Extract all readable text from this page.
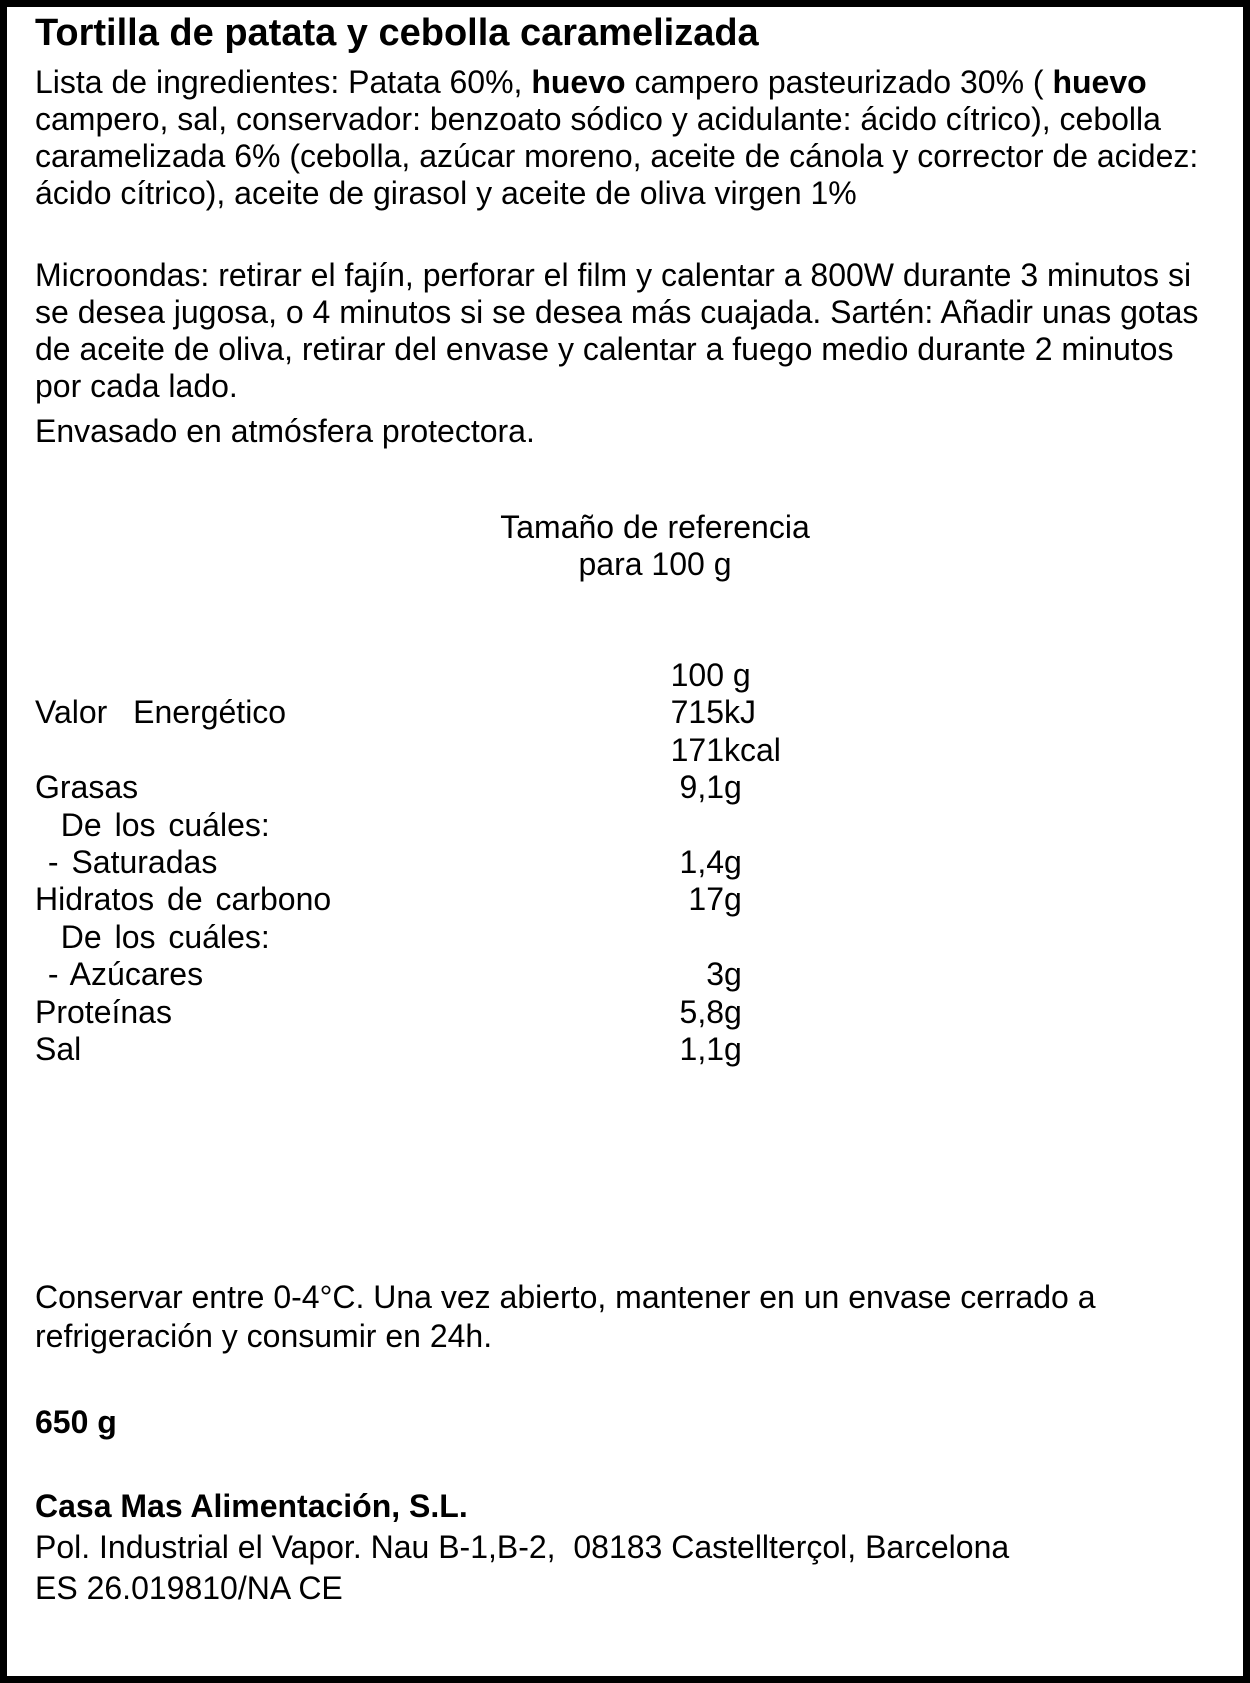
Tortilla de patata y cebolla caramelizada

Lista de ingredientes: Patata 60%, huevo campero pasteurizado 30% ( huevo campero, sal, conservador: benzoato sódico y acidulante: ácido cítrico), cebolla caramelizada 6% (cebolla, azúcar moreno, aceite de cánola y corrector de acidez: ácido cítrico), aceite de girasol y aceite de oliva virgen 1%

Microondas: retirar el fajín, perforar el film y calentar a 800W durante 3 minutos si se desea jugosa, o 4 minutos si se desea más cuajada. Sartén: Añadir unas gotas de aceite de oliva, retirar del envase y calentar a fuego medio durante 2 minutos por cada lado.

Envasado en atmósfera protectora.

Tamaño de referencia
para 100 g
100 g
Valor  Energético	715 kJ
171 kcal
Grasas	9,1 g
De los cuáles:
- Saturadas	1,4 g
Hidratos de carbono	17 g
De los cuáles:
- Azúcares	3 g
Proteínas	5,8 g
Sal	1,1 g

Conservar entre 0-4°C. Una vez abierto, mantener en un envase cerrado a refrigeración y consumir en 24h.

650 g

Casa Mas Alimentación, S.L.
Pol. Industrial el Vapor. Nau B-1,B-2,  08183 Castellterçol, Barcelona
ES 26.019810/NA CE
